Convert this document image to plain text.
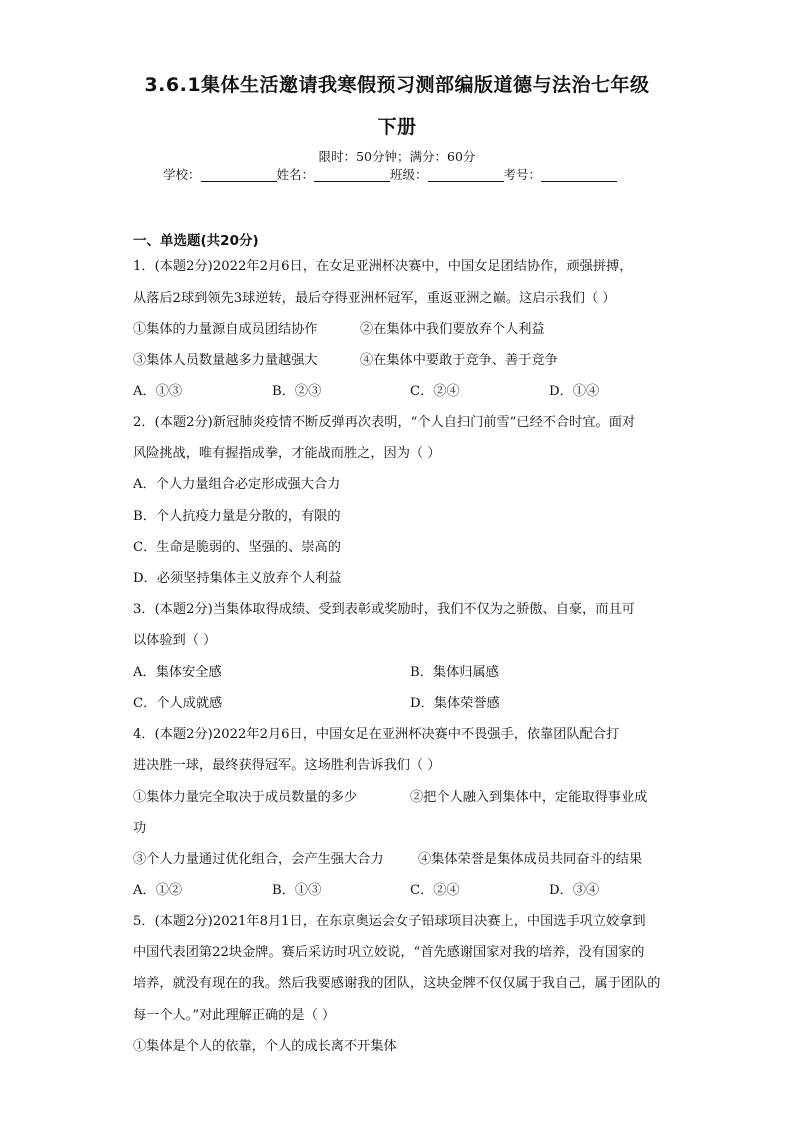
3.6.1集体生活邀请我寒假预习测部编版道德与法治七年级
下册
限时：50分钟；满分：60分
学校：	姓名：	班级：	考号：
一、单选题(共20分)
1．(本题2分)2022年2月6日，在女足亚洲杯决赛中，中国女足团结协作，顽强拼搏，
从落后2球到领先3球逆转，最后夺得亚洲杯冠军，重返亚洲之巅。这启示我们（ ）
①集体的力量源自成员团结协作	②在集体中我们要放弃个人利益
③集体人员数量越多力量越强大	④在集体中要敢于竞争、善于竞争
A．①③	B．②③	C．②④	D．①④
2．(本题2分)新冠肺炎疫情不断反弹再次表明，“个人自扫门前雪”已经不合时宜。面对
风险挑战，唯有握指成拳，才能战而胜之，因为（ ）
A．个人力量组合必定形成强大合力
B．个人抗疫力量是分散的，有限的
C．生命是脆弱的、坚强的、崇高的
D．必须坚持集体主义放弃个人利益
3．(本题2分)当集体取得成绩、受到表彰或奖励时，我们不仅为之骄傲、自豪，而且可
以体验到（ ）
A．集体安全感	B．集体归属感
C．个人成就感	D．集体荣誉感
4．(本题2分)2022年2月6日，中国女足在亚洲杯决赛中不畏强手，依靠团队配合打
进决胜一球，最终获得冠军。这场胜利告诉我们（ ）
①集体力量完全取决于成员数量的多少	②把个人融入到集体中，定能取得事业成
功
③个人力量通过优化组合，会产生强大合力	④集体荣誉是集体成员共同奋斗的结果
A．①②	B．①③	C．②④	D．③④
5．(本题2分)2021年8月1日，在东京奥运会女子铅球项目决赛上，中国选手巩立姣拿到
中国代表团第22块金牌。赛后采访时巩立姣说，“首先感谢国家对我的培养，没有国家的
培养，就没有现在的我。然后我要感谢我的团队，这块金牌不仅仅属于我自己，属于团队的
每一个人。”对此理解正确的是（ ）
①集体是个人的依靠，个人的成长离不开集体
